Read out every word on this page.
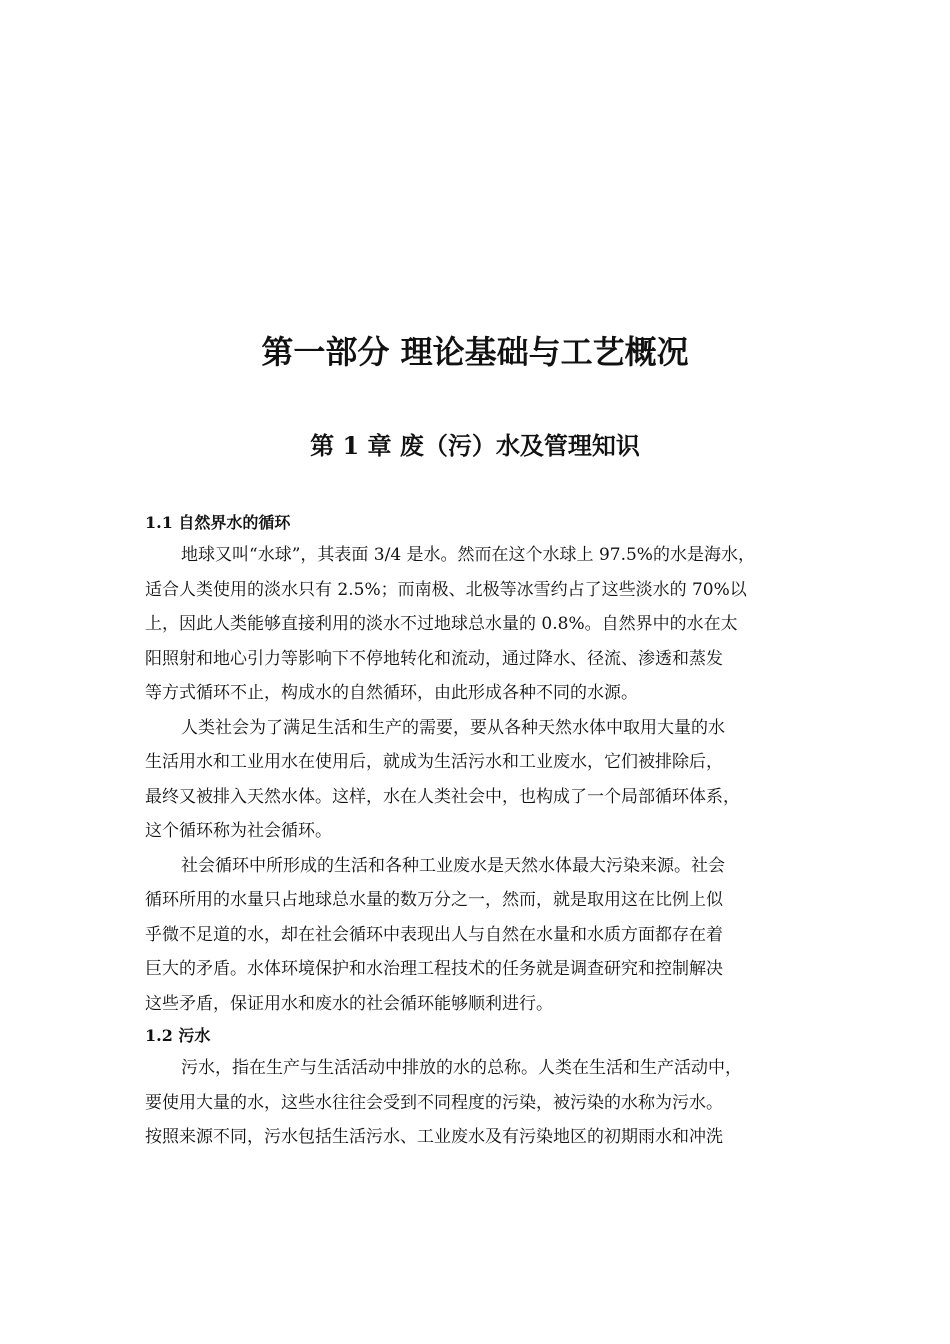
第一部分 理论基础与工艺概况
第 1 章 废（污）水及管理知识
1.1 自然界水的循环

地球又叫“水球”，其表面 3/4 是水。然而在这个水球上 97.5%的水是海水，
适合人类使用的淡水只有 2.5%；而南极、北极等冰雪约占了这些淡水的 70%以
上，因此人类能够直接利用的淡水不过地球总水量的 0.8%。自然界中的水在太
阳照射和地心引力等影响下不停地转化和流动，通过降水、径流、渗透和蒸发
等方式循环不止，构成水的自然循环，由此形成各种不同的水源。

人类社会为了满足生活和生产的需要，要从各种天然水体中取用大量的水
生活用水和工业用水在使用后，就成为生活污水和工业废水，它们被排除后，
最终又被排入天然水体。这样，水在人类社会中，也构成了一个局部循环体系，
这个循环称为社会循环。

社会循环中所形成的生活和各种工业废水是天然水体最大污染来源。社会
循环所用的水量只占地球总水量的数万分之一，然而，就是取用这在比例上似
乎微不足道的水，却在社会循环中表现出人与自然在水量和水质方面都存在着
巨大的矛盾。水体环境保护和水治理工程技术的任务就是调查研究和控制解决
这些矛盾，保证用水和废水的社会循环能够顺利进行。

1.2 污水

污水，指在生产与生活活动中排放的水的总称。人类在生活和生产活动中，
要使用大量的水，这些水往往会受到不同程度的污染，被污染的水称为污水。
按照来源不同，污水包括生活污水、工业废水及有污染地区的初期雨水和冲洗
